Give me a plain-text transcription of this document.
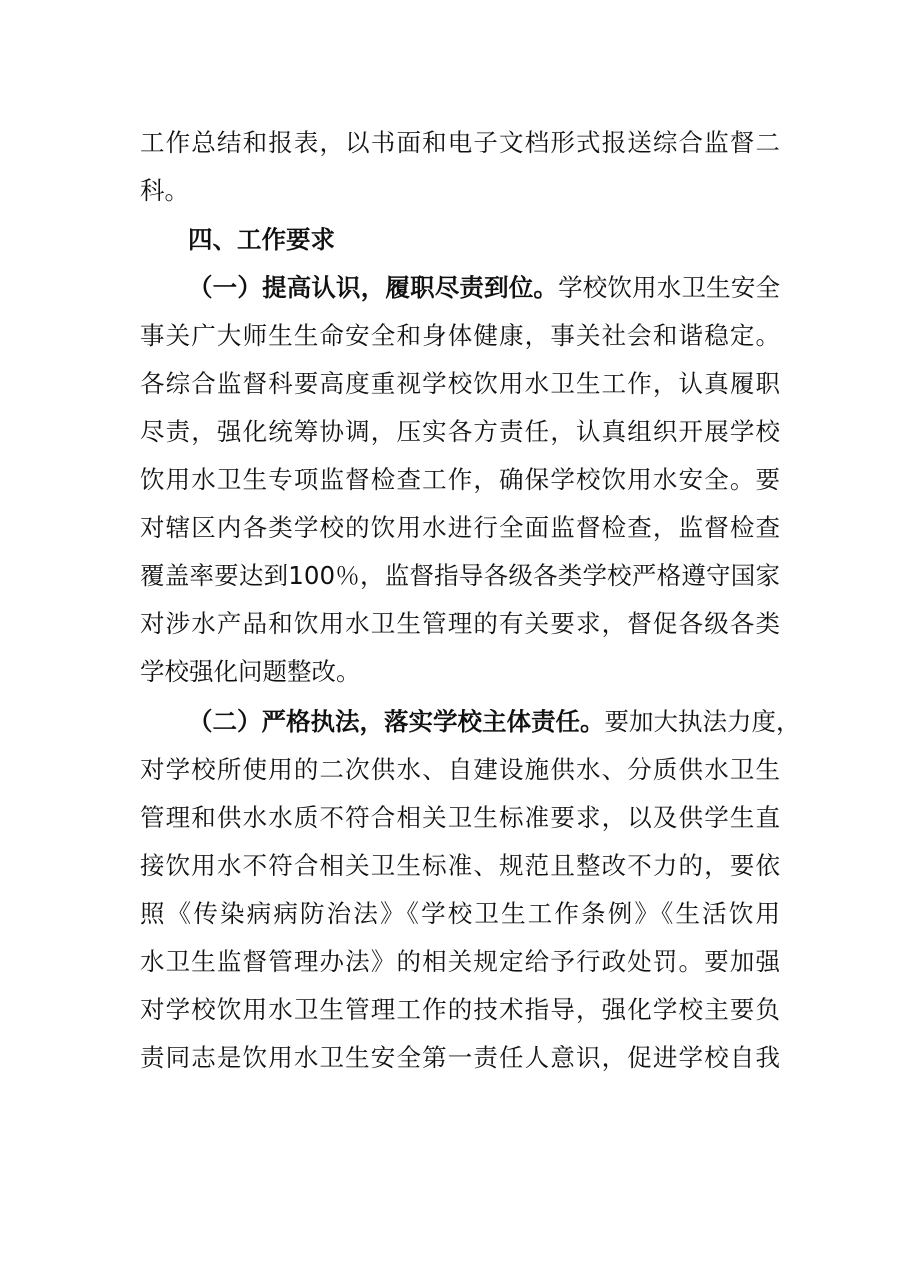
工作总结和报表，以书面和电子文档形式报送综合监督二
科。
四、工作要求
（一）提高认识，履职尽责到位。学校饮用水卫生安全
事关广大师生生命安全和身体健康，事关社会和谐稳定。
各综合监督科要高度重视学校饮用水卫生工作，认真履职
尽责，强化统筹协调，压实各方责任，认真组织开展学校
饮用水卫生专项监督检查工作，确保学校饮用水安全。要
对辖区内各类学校的饮用水进行全面监督检查，监督检查
覆盖率要达到100％，监督指导各级各类学校严格遵守国家
对涉水产品和饮用水卫生管理的有关要求，督促各级各类
学校强化问题整改。
（二）严格执法，落实学校主体责任。要加大执法力度，
对学校所使用的二次供水、自建设施供水、分质供水卫生
管理和供水水质不符合相关卫生标准要求，以及供学生直
接饮用水不符合相关卫生标准、规范且整改不力的，要依
照《传染病病防治法》《学校卫生工作条例》《生活饮用
水卫生监督管理办法》的相关规定给予行政处罚。要加强
对学校饮用水卫生管理工作的技术指导，强化学校主要负
责同志是饮用水卫生安全第一责任人意识，促进学校自我
